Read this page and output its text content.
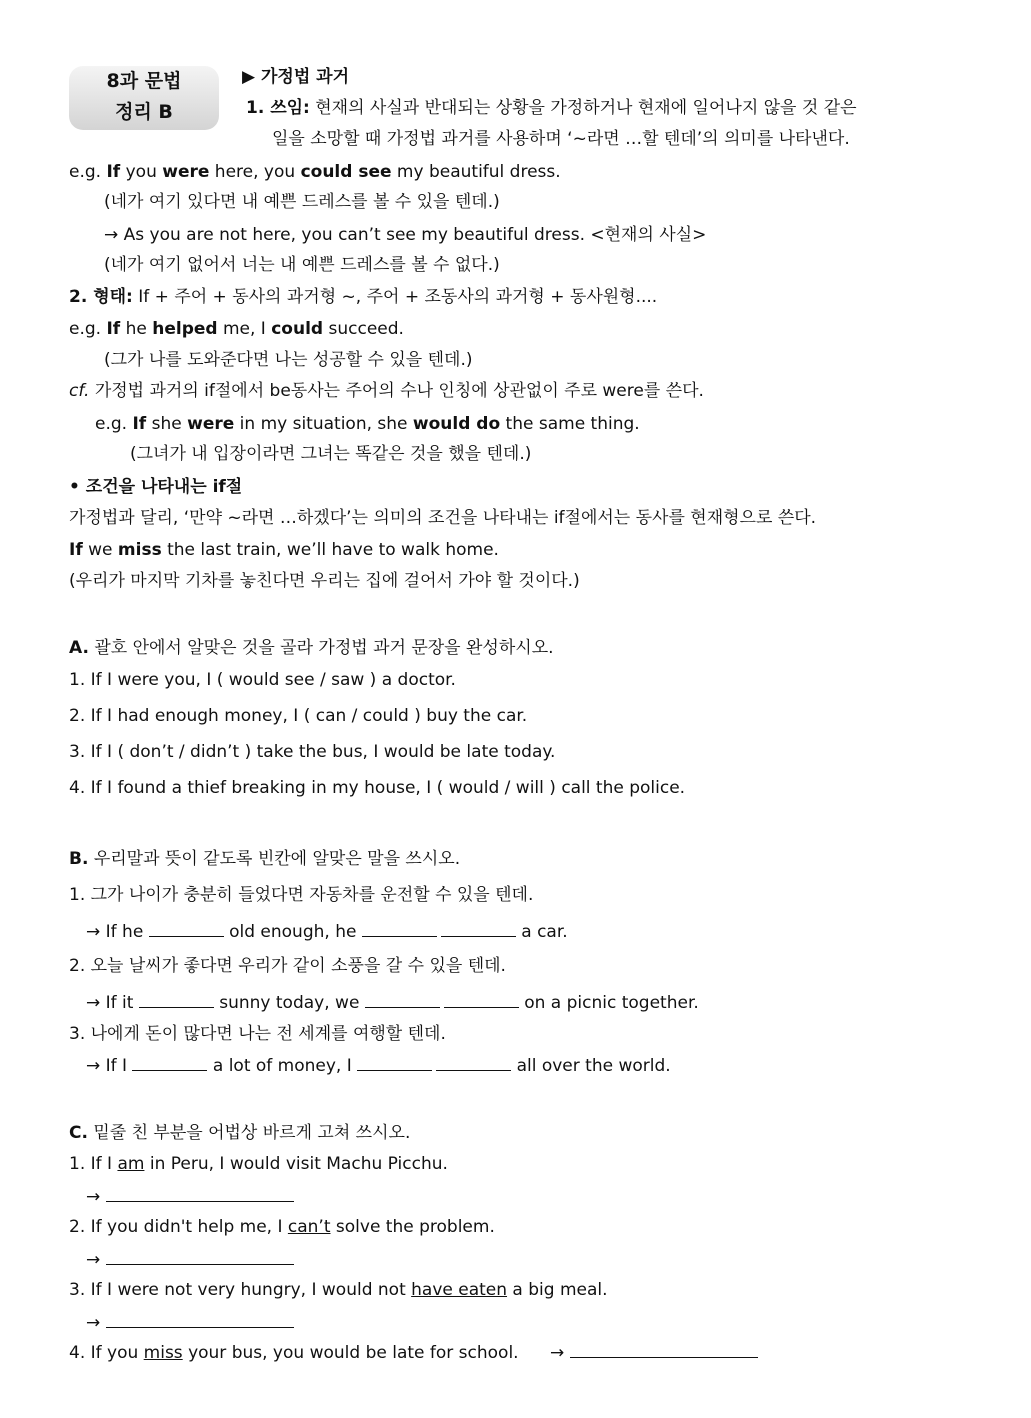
8과 문법
정리 B
▶ 가정법 과거
1. 쓰임: 현재의 사실과 반대되는 상황을 가정하거나 현재에 일어나지 않을 것 같은
일을 소망할 때 가정법 과거를 사용하며 ‘~라면 …할 텐데’의 의미를 나타낸다.
e.g. If you were here, you could see my beautiful dress.
(네가 여기 있다면 내 예쁜 드레스를 볼 수 있을 텐데.)
→ As you are not here, you can’t see my beautiful dress. <현재의 사실>
(네가 여기 없어서 너는 내 예쁜 드레스를 볼 수 없다.)
2. 형태: If + 주어 + 동사의 과거형 ~, 주어 + 조동사의 과거형 + 동사원형....
e.g. If he helped me, I could succeed.
(그가 나를 도와준다면 나는 성공할 수 있을 텐데.)
cf. 가정법 과거의 if절에서 be동사는 주어의 수나 인칭에 상관없이 주로 were를 쓴다.
e.g. If she were in my situation, she would do the same thing.
(그녀가 내 입장이라면 그녀는 똑같은 것을 했을 텐데.)
• 조건을 나타내는 if절
가정법과 달리, ‘만약 ~라면 …하겠다’는 의미의 조건을 나타내는 if절에서는 동사를 현재형으로 쓴다.
If we miss the last train, we’ll have to walk home.
(우리가 마지막 기차를 놓친다면 우리는 집에 걸어서 가야 할 것이다.)
A. 괄호 안에서 알맞은 것을 골라 가정법 과거 문장을 완성하시오.
1. If I were you, I ( would see / saw ) a doctor.
2. If I had enough money, I ( can / could ) buy the car.
3. If I ( don’t / didn’t ) take the bus, I would be late today.
4. If I found a thief breaking in my house, I ( would / will ) call the police.
B. 우리말과 뜻이 같도록 빈칸에 알맞은 말을 쓰시오.
1. 그가 나이가 충분히 들었다면 자동차를 운전할 수 있을 텐데.
→ If he	old enough, he	a car.
2. 오늘 날씨가 좋다면 우리가 같이 소풍을 갈 수 있을 텐데.
→ If it	sunny today, we	on a picnic together.
3. 나에게 돈이 많다면 나는 전 세계를 여행할 텐데.
→ If I	a lot of money, I	all over the world.
C. 밑줄 친 부분을 어법상 바르게 고쳐 쓰시오.
1. If I am in Peru, I would visit Machu Picchu.
→
2. If you didn't help me, I can’t solve the problem.
→
3. If I were not very hungry, I would not have eaten a big meal.
→
4. If you miss your bus, you would be late for school. →
